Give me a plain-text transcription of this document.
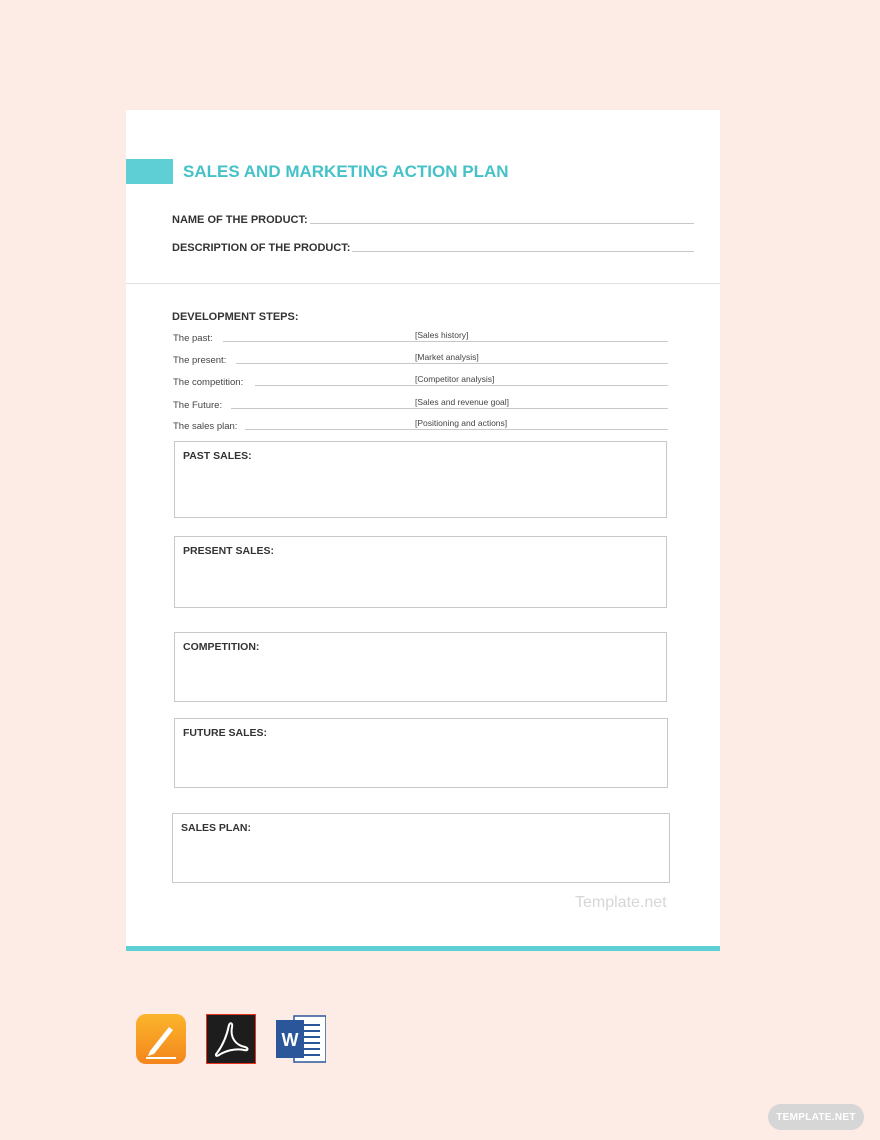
SALES AND MARKETING ACTION PLAN
NAME OF THE PRODUCT:
DESCRIPTION OF THE PRODUCT:
DEVELOPMENT STEPS:
The past:	[Sales history]
The present:	[Market analysis]
The competition:	[Competitor analysis]
The Future:	[Sales and revenue goal]
The sales plan:	[Positioning and actions]
PAST SALES:
PRESENT SALES:
COMPETITION:
FUTURE SALES:
SALES PLAN:
Template.net
W
TEMPLATE.NET
